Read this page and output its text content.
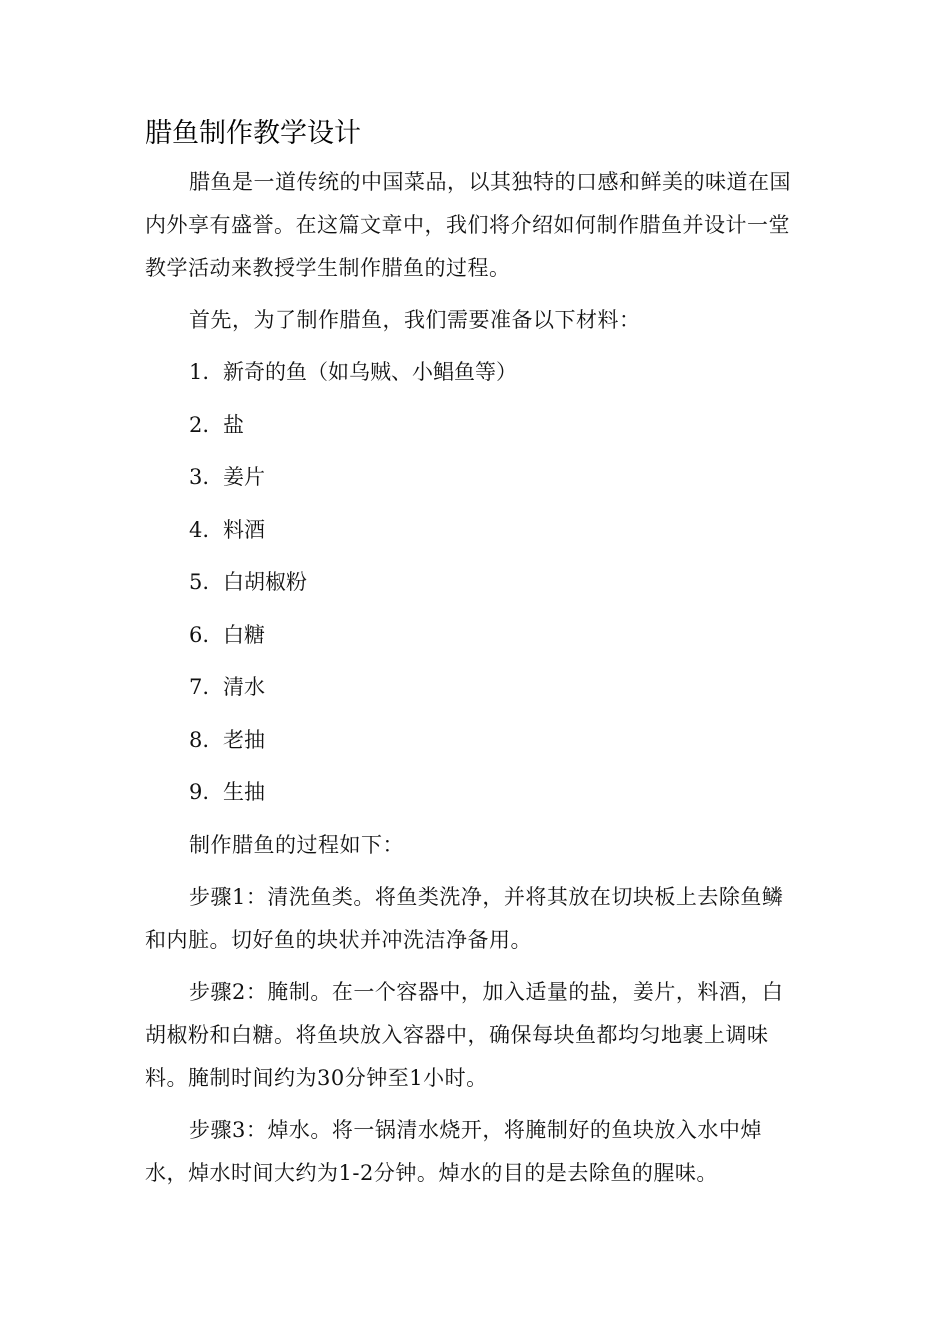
腊鱼制作教学设计

腊鱼是一道传统的中国菜品，以其独特的口感和鲜美的味道在国内外享有盛誉。在这篇文章中，我们将介绍如何制作腊鱼并设计一堂教学活动来教授学生制作腊鱼的过程。

首先，为了制作腊鱼，我们需要准备以下材料：

1. 新奇的鱼（如乌贼、小鲳鱼等）
2. 盐
3. 姜片
4. 料酒
5. 白胡椒粉
6. 白糖
7. 清水
8. 老抽
9. 生抽

制作腊鱼的过程如下：

步骤1：清洗鱼类。将鱼类洗净，并将其放在切块板上去除鱼鳞和内脏。切好鱼的块状并冲洗洁净备用。

步骤2：腌制。在一个容器中，加入适量的盐，姜片，料酒，白胡椒粉和白糖。将鱼块放入容器中，确保每块鱼都均匀地裹上调味料。腌制时间约为30分钟至1小时。

步骤3：焯水。将一锅清水烧开，将腌制好的鱼块放入水中焯水，焯水时间大约为1-2分钟。焯水的目的是去除鱼的腥味。
